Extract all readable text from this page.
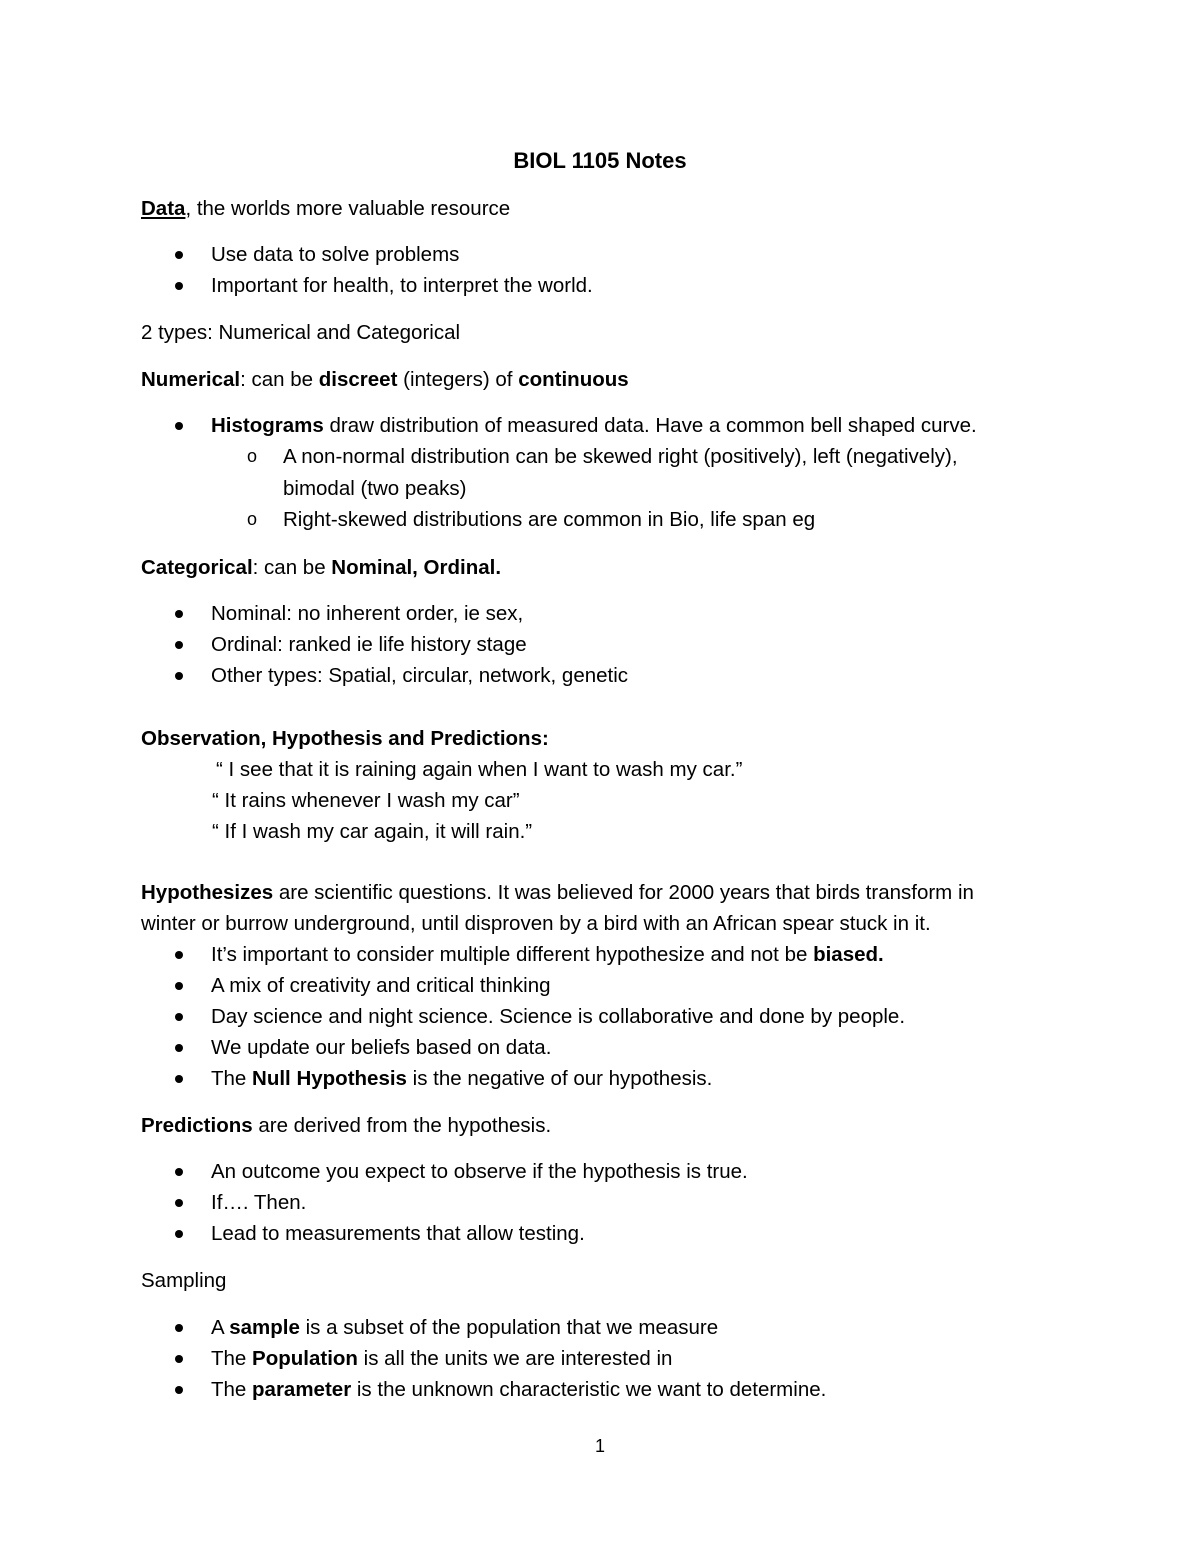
BIOL 1105 Notes
Data, the worlds more valuable resource
Use data to solve problems
Important for health, to interpret the world.
2 types: Numerical and Categorical
Numerical: can be discreet (integers) of continuous
Histograms draw distribution of measured data. Have a common bell shaped curve.
o A non-normal distribution can be skewed right (positively), left (negatively),
bimodal (two peaks)
o Right-skewed distributions are common in Bio, life span eg
Categorical: can be Nominal, Ordinal.
Nominal: no inherent order, ie sex,
Ordinal: ranked ie life history stage
Other types: Spatial, circular, network, genetic
Observation, Hypothesis and Predictions:
“ I see that it is raining again when I want to wash my car.”
“ It rains whenever I wash my car”
“ If I wash my car again, it will rain.”
Hypothesizes are scientific questions. It was believed for 2000 years that birds transform in
winter or burrow underground, until disproven by a bird with an African spear stuck in it.
It’s important to consider multiple different hypothesize and not be biased.
A mix of creativity and critical thinking
Day science and night science. Science is collaborative and done by people.
We update our beliefs based on data.
The Null Hypothesis is the negative of our hypothesis.
Predictions are derived from the hypothesis.
An outcome you expect to observe if the hypothesis is true.
If…. Then.
Lead to measurements that allow testing.
Sampling
A sample is a subset of the population that we measure
The Population is all the units we are interested in
The parameter is the unknown characteristic we want to determine.
1
